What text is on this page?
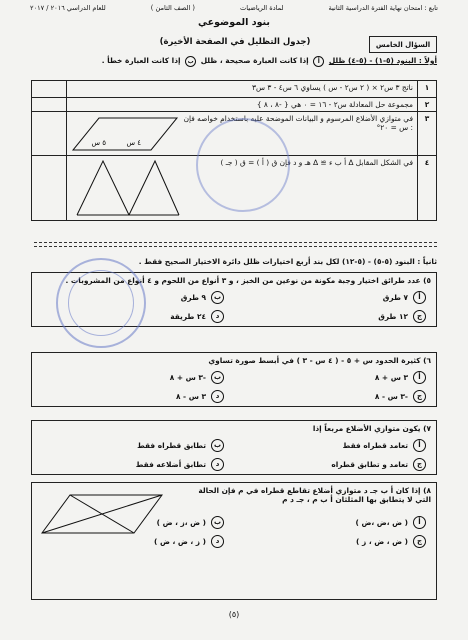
تابع : امتحان نهاية الفترة الدراسية الثانية
لمادة الرياضيات
( الصف الثامن )
للعام الدراسي ٢٠١٦ / ٢٠١٧
بنود الموضوعي
السؤال الخامس
(جدول التظليل في الصفحة الأخيرة)
أولاً : البنود (٥-١) - (٥-٤) ظلل أ إذا كانت العبارة صحيحة ، ظلل ب إذا كانت العبارة خطأ .
١	ناتج ٣ س٢ × ( ٢ س٢ - س ) يساوي ٦ س٤ - ٣ س٣	
٢	مجموعة حل المعادلة س٢ - ١٦ = ٠ هي { -٨ ، ٨ }	
٣	في متوازي الأضلاع المرسوم و البيانات الموضحة عليه باستخدام خواصه فإن : س = ٢٠°
٤ س
٥ س	

٤	في الشكل المقابل ∆ أ ب ء ≅ ∆ هـ و د فإن ق ( أ ) = ق ( جـ )	

ثانياً : البنود (٥-٥) - (٥-١٢) لكل بند أربع اختيارات ظلل دائرة الاختيار الصحيح فقط .
٥) عدد طرائق اختيار وجبة مكونة من نوعين من الخبز ، و ٣ أنواع من اللحوم و ٤ أنواع من المشروبات .
أ
٧ طرق
ب
٩ طرق
ج
١٢ طرق
د
٢٤ طريقة
٦) كثيرة الحدود س + ٥ - ( ٤ س - ٣ ) في أبسط صورة تساوي
أ
٣ س + ٨
ب
-٣ س + ٨
ج
-٣ س - ٨
د
٣ س - ٨
٧) يكون متوازي الأضلاع مربعاً إذا
أ
تعامد قطراه فقط
ب
تطابق قطراه فقط
ج
تعامد و تطابق قطراه
د
تطابق أضلاعه فقط
٨) إذا كان أ ب جـ د متوازي أضلاع تقاطع قطراه في م فإن الحالة التي لا يتطابق بها المثلثان أ ب م ، جـ د م
أ
( ض ،ض ،ض )
ب
( ض ،ز ، ض )
ج
( ض ، ض ، ز )
د
( ز ، ض ، ض )
(٥)
